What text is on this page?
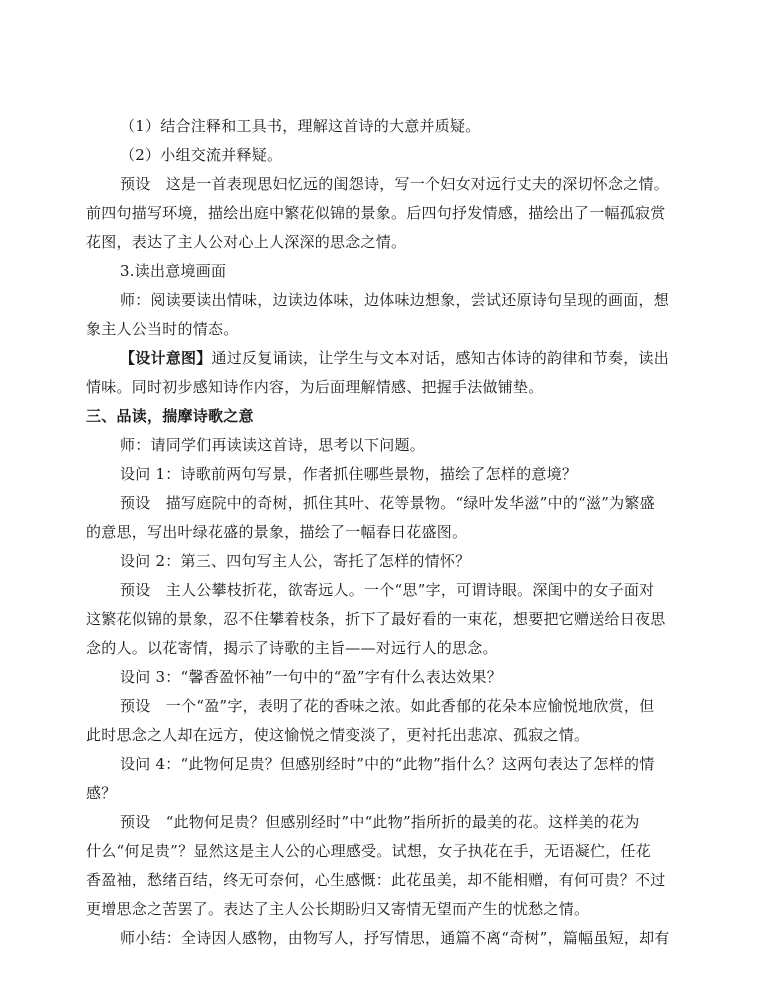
（1）结合注释和工具书，理解这首诗的大意并质疑。
（2）小组交流并释疑。
预设　这是一首表现思妇忆远的闺怨诗，写一个妇女对远行丈夫的深切怀念之情。
前四句描写环境，描绘出庭中繁花似锦的景象。后四句抒发情感，描绘出了一幅孤寂赏
花图，表达了主人公对心上人深深的思念之情。
3.读出意境画面
师：阅读要读出情味，边读边体味，边体味边想象，尝试还原诗句呈现的画面，想
象主人公当时的情态。
【设计意图】通过反复诵读，让学生与文本对话，感知古体诗的韵律和节奏，读出
情味。同时初步感知诗作内容，为后面理解情感、把握手法做铺垫。
三、品读，揣摩诗歌之意
师：请同学们再读读这首诗，思考以下问题。
设问 1：诗歌前两句写景，作者抓住哪些景物，描绘了怎样的意境？
预设　描写庭院中的奇树，抓住其叶、花等景物。“绿叶发华滋”中的“滋”为繁盛
的意思，写出叶绿花盛的景象，描绘了一幅春日花盛图。
设问 2：第三、四句写主人公，寄托了怎样的情怀？
预设　主人公攀枝折花，欲寄远人。一个“思”字，可谓诗眼。深闺中的女子面对
这繁花似锦的景象，忍不住攀着枝条，折下了最好看的一束花，想要把它赠送给日夜思
念的人。以花寄情，揭示了诗歌的主旨——对远行人的思念。
设问 3：“馨香盈怀袖”一句中的“盈”字有什么表达效果？
预设　一个“盈”字，表明了花的香味之浓。如此香郁的花朵本应愉悦地欣赏，但
此时思念之人却在远方，使这愉悦之情变淡了，更衬托出悲凉、孤寂之情。
设问 4：“此物何足贵？但感别经时”中的“此物”指什么？这两句表达了怎样的情
感？
预设　“此物何足贵？但感别经时”中“此物”指所折的最美的花。这样美的花为
什么“何足贵”？显然这是主人公的心理感受。试想，女子执花在手，无语凝伫，任花
香盈袖，愁绪百结，终无可奈何，心生感慨：此花虽美，却不能相赠，有何可贵？不过
更增思念之苦罢了。表达了主人公长期盼归又寄情无望而产生的忧愁之情。
师小结：全诗因人感物，由物写人，抒写情思，通篇不离“奇树”，篇幅虽短，却有
